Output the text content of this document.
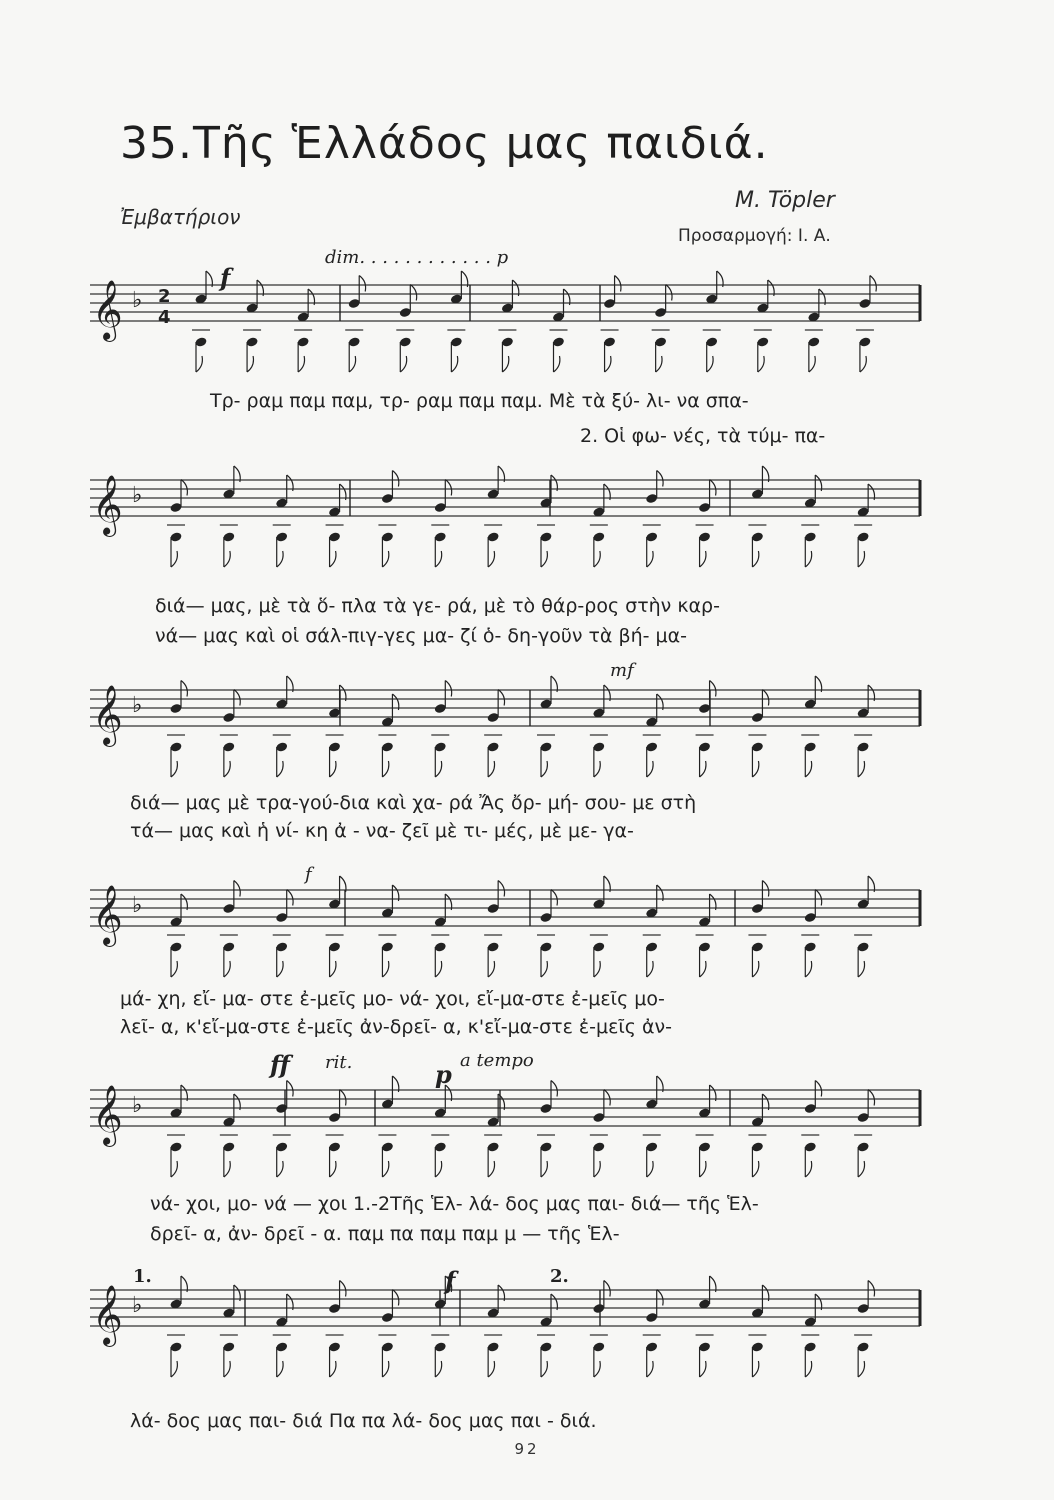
35.Τῆς Ἑλλάδος μας παιδιά.
Ἐμβατήριον
M. Töpler
Προσαρμογή: Ι. Α.
𝄞 ♭ 2
4
f
dim. . . . . . . . . . . . p
Τρ- ραμ παμ παμ, τρ- ραμ παμ παμ. Μὲ τὰ ξύ- λι- να σπα-
2. Οἱ φω- νές, τὰ τύμ- πα-
𝄞 ♭
διά— μας, μὲ τὰ ὅ- πλα τὰ γε- ρά, μὲ τὸ θάρ-ρος στὴν καρ-
νά— μας καὶ οἱ σάλ-πιγ-γες μα- ζί ὁ- δη-γοῦν τὰ βή- μα-
𝄞 ♭
mf
διά— μας μὲ τρα-γού-δια καὶ χα- ρά Ἄς ὄρ- μή- σου- με στὴ
τά— μας καὶ ἡ νί- κη ἀ - να- ζεῖ μὲ τι- μές, μὲ με- γα-
𝄞 ♭
f
μά- χη, εἴ- μα- στε ἐ-μεῖς μο- νά- χοι, εἴ-μα-στε ἐ-μεῖς μο-
λεῖ- α, κ'εἴ-μα-στε ἐ-μεῖς ἀν-δρεῖ- α, κ'εἴ-μα-στε ἐ-μεῖς ἀν-
𝄞 ♭
ff rit.	p a tempo
νά- χοι, μο- νά — χοι 1.-2Τῆς Ἑλ- λά- δος μας παι- διά— τῆς Ἑλ-
δρεῖ- α, ἀν- δρεῖ - α. παμ πα παμ παμ μ — τῆς Ἑλ-
𝄞 ♭
1.	f	2.
λά- δος μας παι- διά Πα πα λά- δος μας παι - διά.
92
